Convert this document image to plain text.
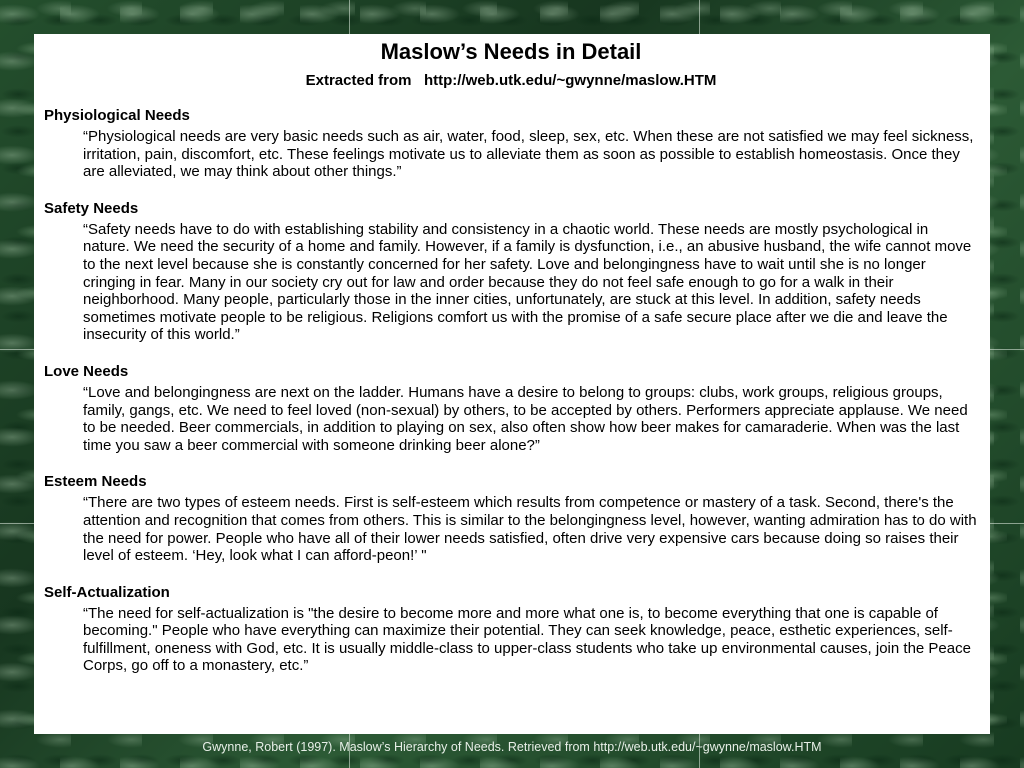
Maslow’s Needs in Detail
Extracted from   http://web.utk.edu/~gwynne/maslow.HTM
Physiological Needs

“Physiological needs are very basic needs such as air, water, food, sleep, sex, etc. When these are not satisfied we may feel sickness, irritation, pain, discomfort, etc. These feelings motivate us to alleviate them as soon as possible to establish homeostasis. Once they are alleviated, we may think about other things.”

Safety Needs

“Safety needs have to do with establishing stability and consistency in a chaotic world. These needs are mostly psychological in nature. We need the security of a home and family. However, if a family is dysfunction, i.e., an abusive husband, the wife cannot move to the next level because she is constantly concerned for her safety. Love and belongingness have to wait until she is no longer cringing in fear. Many in our society cry out for law and order because they do not feel safe enough to go for a walk in their neighborhood. Many people, particularly those in the inner cities, unfortunately, are stuck at this level. In addition, safety needs sometimes motivate people to be religious. Religions comfort us with the promise of a safe secure place after we die and leave the insecurity of this world.”

Love Needs

“Love and belongingness are next on the ladder. Humans have a desire to belong to groups: clubs, work groups, religious groups, family, gangs, etc. We need to feel loved (non-sexual) by others, to be accepted by others. Performers appreciate applause. We need to be needed. Beer commercials, in addition to playing on sex, also often show how beer makes for camaraderie. When was the last time you saw a beer commercial with someone drinking beer alone?”

Esteem Needs

“There are two types of esteem needs. First is self-esteem which results from competence or mastery of a task. Second, there's the attention and recognition that comes from others. This is similar to the belongingness level, however, wanting admiration has to do with the need for power. People who have all of their lower needs satisfied, often drive very expensive cars because doing so raises their level of esteem. ‘Hey, look what I can afford-peon!’ "

Self-Actualization

“The need for self-actualization is "the desire to become more and more what one is, to become everything that one is capable of becoming." People who have everything can maximize their potential. They can seek knowledge, peace, esthetic experiences, self-fulfillment, oneness with God, etc. It is usually middle-class to upper-class students who take up environmental causes, join the Peace Corps, go off to a monastery, etc.”

Gwynne, Robert (1997). Maslow’s Hierarchy of Needs. Retrieved from http://web.utk.edu/~gwynne/maslow.HTM
